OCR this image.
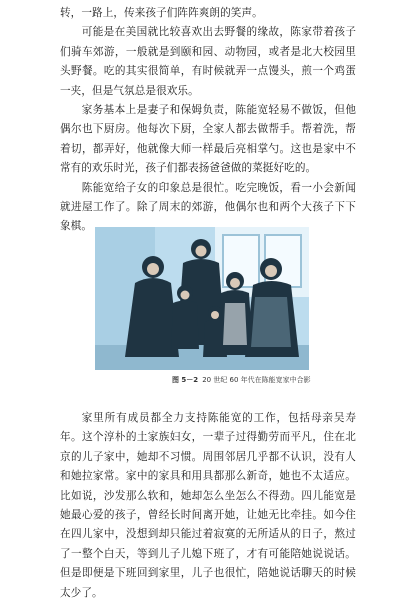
转，一路上，传来孩子们阵阵爽朗的笑声。

可能是在美国就比较喜欢出去野餐的缘故，陈家带着孩子们骑车郊游，一般就是到颐和园、动物园，或者是北大校园里头野餐。吃的其实很简单，有时候就弄一点馒头，煎一个鸡蛋一夹，但是气氛总是很欢乐。

家务基本上是妻子和保姆负责，陈能宽轻易不做饭，但他偶尔也下厨房。他每次下厨，全家人都去做帮手。帮着洗，帮着切，都弄好，他就像大师一样最后亮相掌勺。这也是家中不常有的欢乐时光，孩子们都表扬爸爸做的菜挺好吃的。

陈能宽给子女的印象总是很忙。吃完晚饭，看一小会新闻就进屋工作了。除了周末的郊游，他偶尔也和两个大孩子下下象棋。

图 5－2 20 世纪 60 年代在陈能宽家中合影

家里所有成员都全力支持陈能宽的工作，包括母亲吴寿年。这个淳朴的土家族妇女，一辈子过得勤劳而平凡，住在北京的儿子家中，她却不习惯。周围邻居几乎都不认识，没有人和她拉家常。家中的家具和用具都那么新奇，她也不太适应。比如说，沙发那么软和，她却怎么坐怎么不得劲。四儿能宽是她最心爱的孩子，曾经长时间离开她，让她无比牵挂。如今住在四儿家中，没想到却只能过着寂寞的无所适从的日子，熬过了一整个白天，等到儿子儿媳下班了，才有可能陪她说说话。但是即便是下班回到家里，儿子也很忙，陪她说话聊天的时候太少了。
